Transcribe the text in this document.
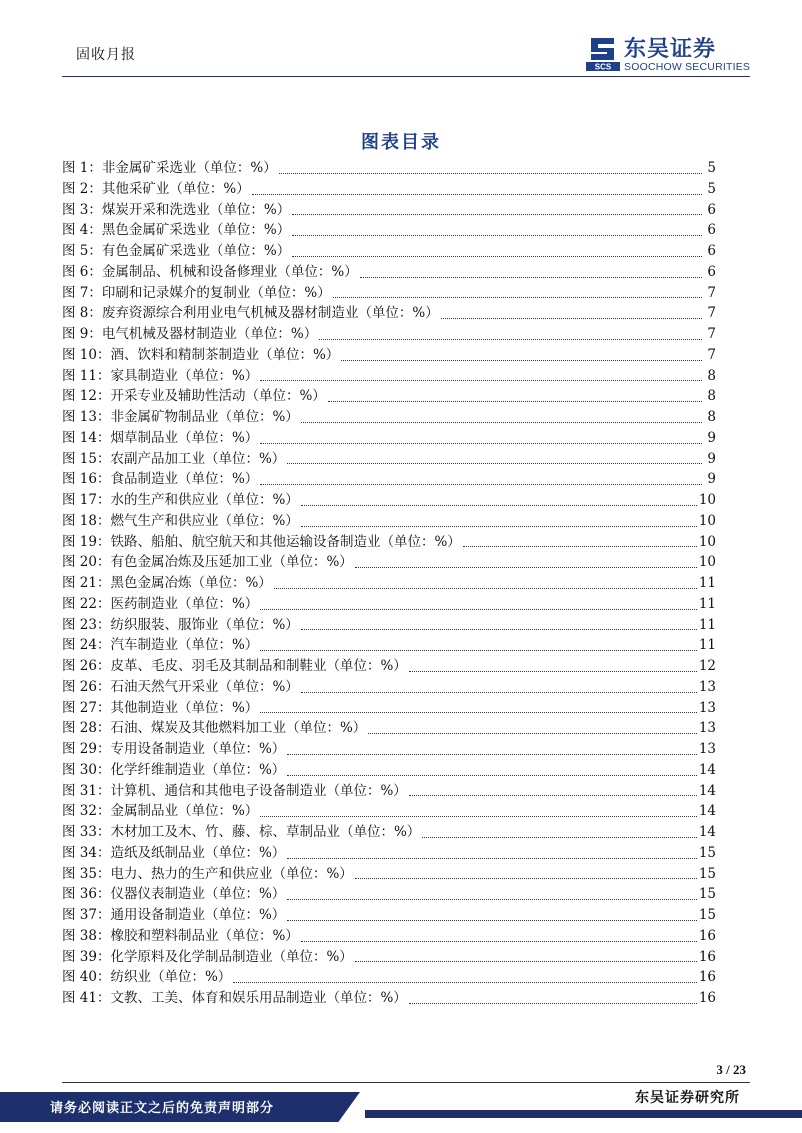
固收月报
SCS
东吴证券
SOOCHOW SECURITIES
图表目录
图 1：非金属矿采选业（单位：%）	5
图 2：其他采矿业（单位：%）	5
图 3：煤炭开采和洗选业（单位：%）	6
图 4：黑色金属矿采选业（单位：%）	6
图 5：有色金属矿采选业（单位：%）	6
图 6：金属制品、机械和设备修理业（单位：%）	6
图 7：印刷和记录媒介的复制业（单位：%）	7
图 8：废弃资源综合利用业电气机械及器材制造业（单位：%）	7
图 9：电气机械及器材制造业（单位：%）	7
图 10：酒、饮料和精制茶制造业（单位：%）	7
图 11：家具制造业（单位：%）	8
图 12：开采专业及辅助性活动（单位：%）	8
图 13：非金属矿物制品业（单位：%）	8
图 14：烟草制品业（单位：%）	9
图 15：农副产品加工业（单位：%）	9
图 16：食品制造业（单位：%）	9
图 17：水的生产和供应业（单位：%）	10
图 18：燃气生产和供应业（单位：%）	10
图 19：铁路、船舶、航空航天和其他运输设备制造业（单位：%）	10
图 20：有色金属冶炼及压延加工业（单位：%）	10
图 21：黑色金属冶炼（单位：%）	11
图 22：医药制造业（单位：%）	11
图 23：纺织服装、服饰业（单位：%）	11
图 24：汽车制造业（单位：%）	11
图 26：皮革、毛皮、羽毛及其制品和制鞋业（单位：%）	12
图 26：石油天然气开采业（单位：%）	13
图 27：其他制造业（单位：%）	13
图 28：石油、煤炭及其他燃料加工业（单位：%）	13
图 29：专用设备制造业（单位：%）	13
图 30：化学纤维制造业（单位：%）	14
图 31：计算机、通信和其他电子设备制造业（单位：%）	14
图 32：金属制品业（单位：%）	14
图 33：木材加工及木、竹、藤、棕、草制品业（单位：%）	14
图 34：造纸及纸制品业（单位：%）	15
图 35：电力、热力的生产和供应业（单位：%）	15
图 36：仪器仪表制造业（单位：%）	15
图 37：通用设备制造业（单位：%）	15
图 38：橡胶和塑料制品业（单位：%）	16
图 39：化学原料及化学制品制造业（单位：%）	16
图 40：纺织业（单位：%）	16
图 41：文教、工美、体育和娱乐用品制造业（单位：%）	16
3 / 23
请务必阅读正文之后的免责声明部分
东吴证券研究所
